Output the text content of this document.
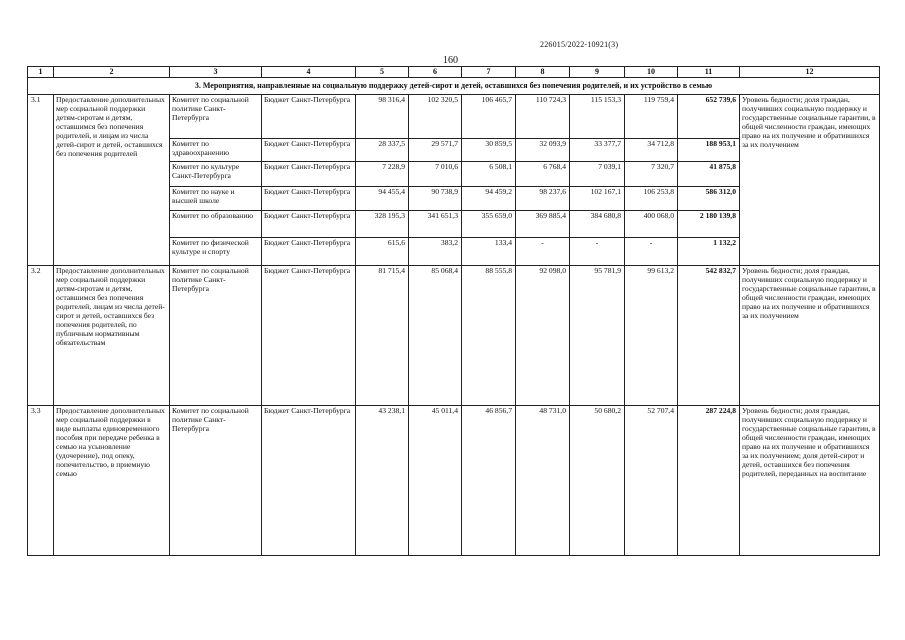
226015/2022-10921(3)
160
1	2	3	4	5	6	7	8	9	10	11	12
3. Мероприятия, направленные на социальную поддержку детей-сирот и детей, оставшихся без попечения родителей, и их устройство в семью											
3.1	Предоставление дополнительных мер социальной поддержки детям-сиротам и детям, оставшимся без попечения родителей, и лицам из числа детей-сирот и детей, оставшихся без попечения родителей	Комитет по социальной политике Санкт-Петербурга	Бюджет Санкт-Петербурга	98 316,4	102 320,5	106 465,7	110 724,3	115 153,3	119 759,4	652 739,6	Уровень бедности; доля граждан, получивших социальную поддержку и государственные социальные гарантии, в общей численности граждан, имеющих право на их получение и обратившихся за их получением
		Комитет по здравоохранению	Бюджет Санкт-Петербурга	28 337,5	29 571,7	30 859,5	32 093,9	33 377,7	34 712,8	188 953,1	
		Комитет по культуре Санкт-Петербурга	Бюджет Санкт-Петербурга	7 228,9	7 010,6	6 508,1	6 768,4	7 039,1	7 320,7	41 875,8	
		Комитет по науке и высшей школе	Бюджет Санкт-Петербурга	94 455,4	90 738,9	94 459,2	98 237,6	102 167,1	106 253,8	586 312,0	
		Комитет по образованию	Бюджет Санкт-Петербурга	328 195,3	341 651,3	355 659,0	369 885,4	384 680,8	400 068,0	2 180 139,8	
		Комитет по физической культуре и спорту	Бюджет Санкт-Петербурга	615,6	383,2	133,4	-	-	-	1 132,2	
3.2	Предоставление дополнительных мер социальной поддержки детям-сиротам и детям, оставшимся без попечения родителей, лицам из числа детей-сирот и детей, оставшихся без попечения родителей, по публичным нормативным обязательствам	Комитет по социальной политике Санкт-Петербурга	Бюджет Санкт-Петербурга	81 715,4	85 068,4	88 555,8	92 098,0	95 781,9	99 613,2	542 832,7	Уровень бедности; доля граждан, получивших социальную поддержку и государственные социальные гарантии, в общей численности граждан, имеющих право на их получение и обратившихся за их получением
3.3	Предоставление дополнительных мер социальной поддержки в виде выплаты единовременного пособия при передаче ребенка в семью на усыновление (удочерение), под опеку, попечительство, в приемную семью	Комитет по социальной политике Санкт-Петербурга	Бюджет Санкт-Петербурга	43 238,1	45 011,4	46 856,7	48 731,0	50 680,2	52 707,4	287 224,8	Уровень бедности; доля граждан, получивших социальную поддержку и государственные социальные гарантии, в общей численности граждан, имеющих право на их получение и обратившихся за их получением; доля детей-сирот и детей, оставшихся без попечения родителей, переданных на воспитание
